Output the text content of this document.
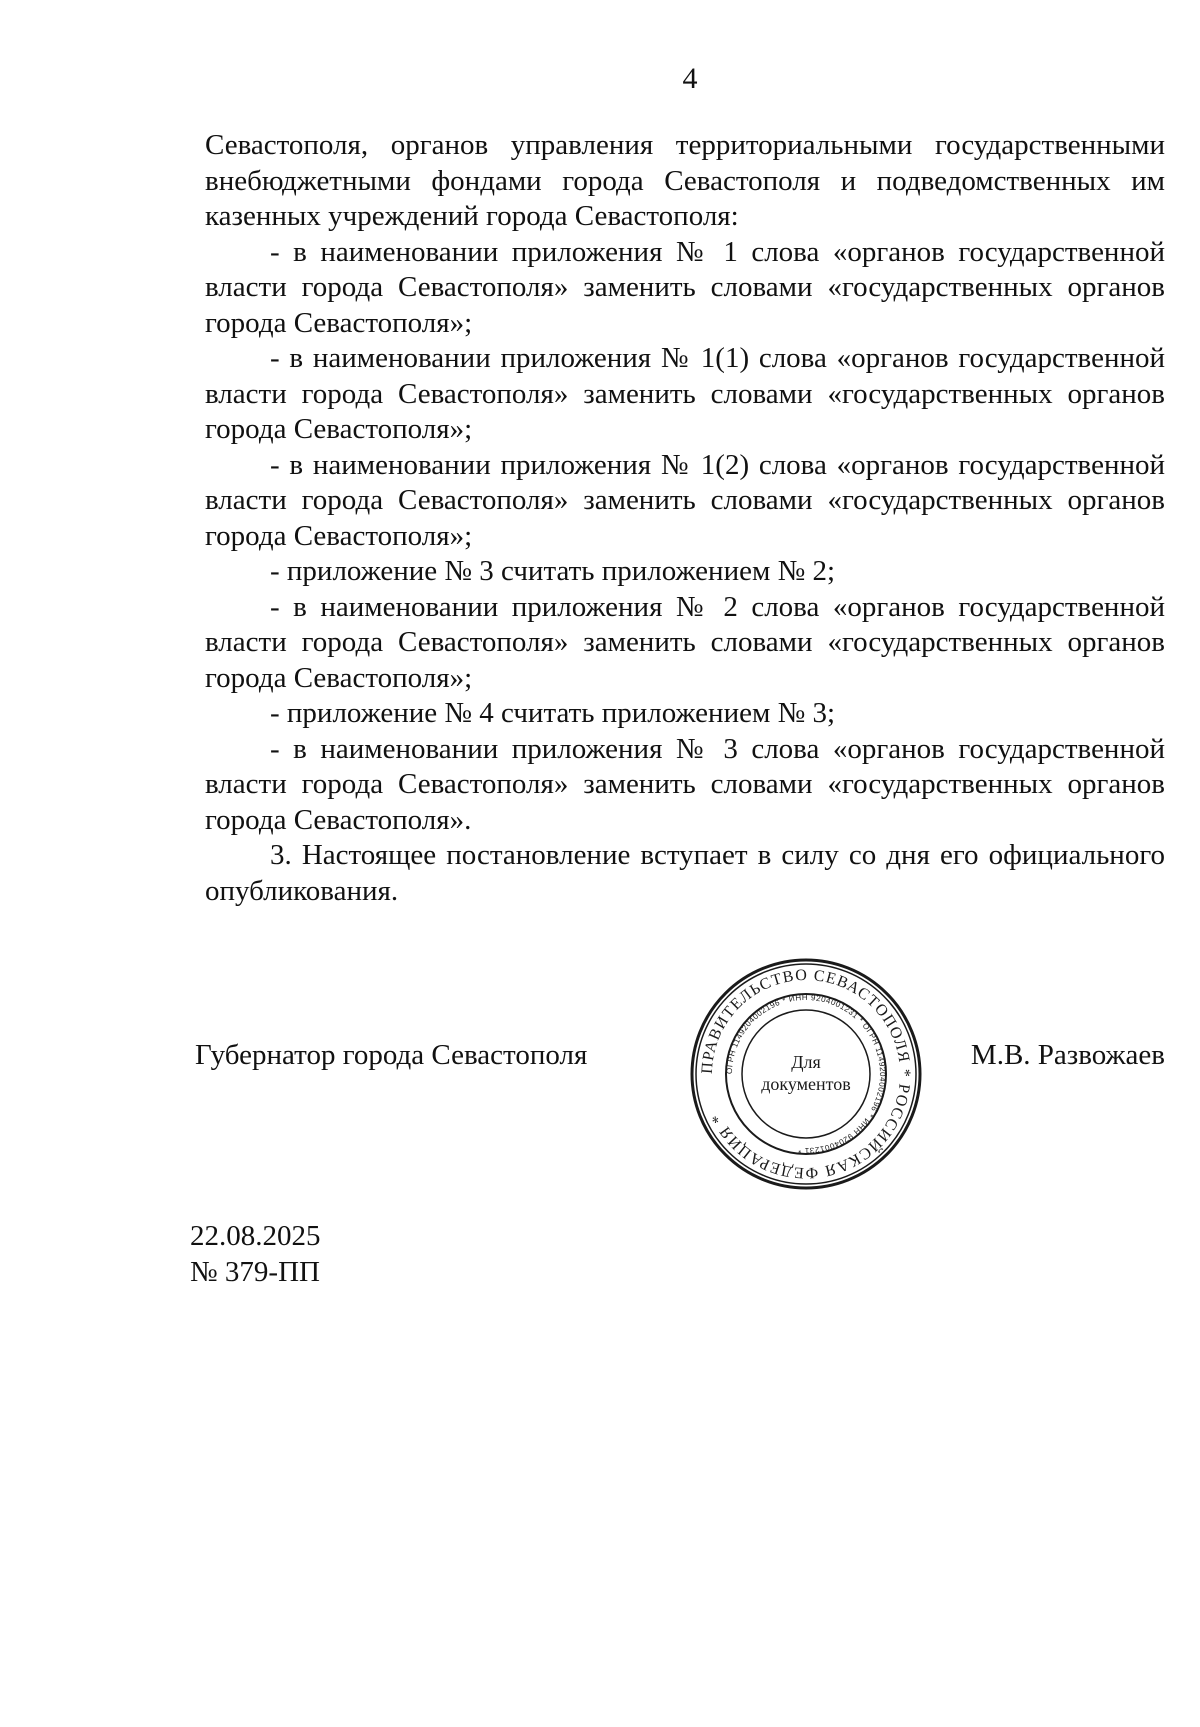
4

Севастополя, органов управления территориальными государственными внебюджетными фондами города Севастополя и подведомственных им казенных учреждений города Севастополя:

- в наименовании приложения № 1 слова «органов государственной власти города Севастополя» заменить словами «государственных органов города Севастополя»;

- в наименовании приложения № 1(1) слова «органов государственной власти города Севастополя» заменить словами «государственных органов города Севастополя»;

- в наименовании приложения № 1(2) слова «органов государственной власти города Севастополя» заменить словами «государственных органов города Севастополя»;

- приложение № 3 считать приложением № 2;

- в наименовании приложения № 2 слова «органов государственной власти города Севастополя» заменить словами «государственных органов города Севастополя»;

- приложение № 4 считать приложением № 3;

- в наименовании приложения № 3 слова «органов государственной власти города Севастополя» заменить словами «государственных органов города Севастополя».

3. Настоящее постановление вступает в силу со дня его официального опубликования.

Губернатор города Севастополя	М.В. Развожаев
ПРАВИТЕЛЬСТВО СЕВАСТОПОЛЯ * РОССИЙСКАЯ ФЕДЕРАЦИЯ *
ОГРН 1149204002196 * ИНН 9204001231 * ОГРН 1149204002196 * ИНН 9204001231 *
Для
документов
22.08.2025
№ 379-ПП
